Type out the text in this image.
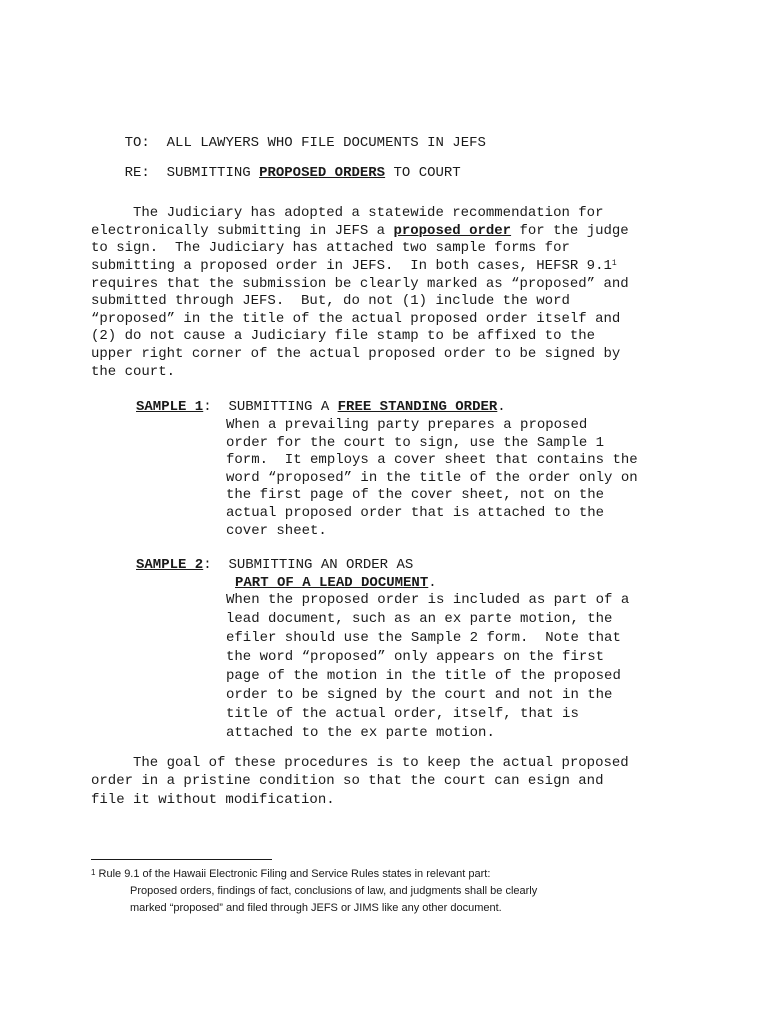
TO: ALL LAWYERS WHO FILE DOCUMENTS IN JEFS

RE: SUBMITTING PROPOSED ORDERS TO COURT

The Judiciary has adopted a statewide recommendation for
electronically submitting in JEFS a proposed order for the judge
to sign.  The Judiciary has attached two sample forms for
submitting a proposed order in JEFS.  In both cases, HEFSR 9.1$^1$
requires that the submission be clearly marked as “proposed” and
submitted through JEFS.  But, do not (1) include the word
“proposed” in the title of the actual proposed order itself and
(2) do not cause a Judiciary file stamp to be affixed to the
upper right corner of the actual proposed order to be signed by
the court.
SAMPLE 1: SUBMITTING A FREE STANDING ORDER.
When a prevailing party prepares a proposed
order for the court to sign, use the Sample 1
form.  It employs a cover sheet that contains the
word “proposed” in the title of the order only on
the first page of the cover sheet, not on the
actual proposed order that is attached to the
cover sheet.
SAMPLE 2: SUBMITTING AN ORDER AS
PART OF A LEAD DOCUMENT.
When the proposed order is included as part of a
lead document, such as an ex parte motion, the
efiler should use the Sample 2 form.  Note that
the word “proposed” only appears on the first
page of the motion in the title of the proposed
order to be signed by the court and not in the
title of the actual order, itself, that is
attached to the ex parte motion.
The goal of these procedures is to keep the actual proposed
order in a pristine condition so that the court can esign and
file it without modification.
$^1$ Rule 9.1 of the Hawaii Electronic Filing and Service Rules states in relevant part:
Proposed orders, findings of fact, conclusions of law, and judgments shall be clearly
marked “proposed” and filed through JEFS or JIMS like any other document.
